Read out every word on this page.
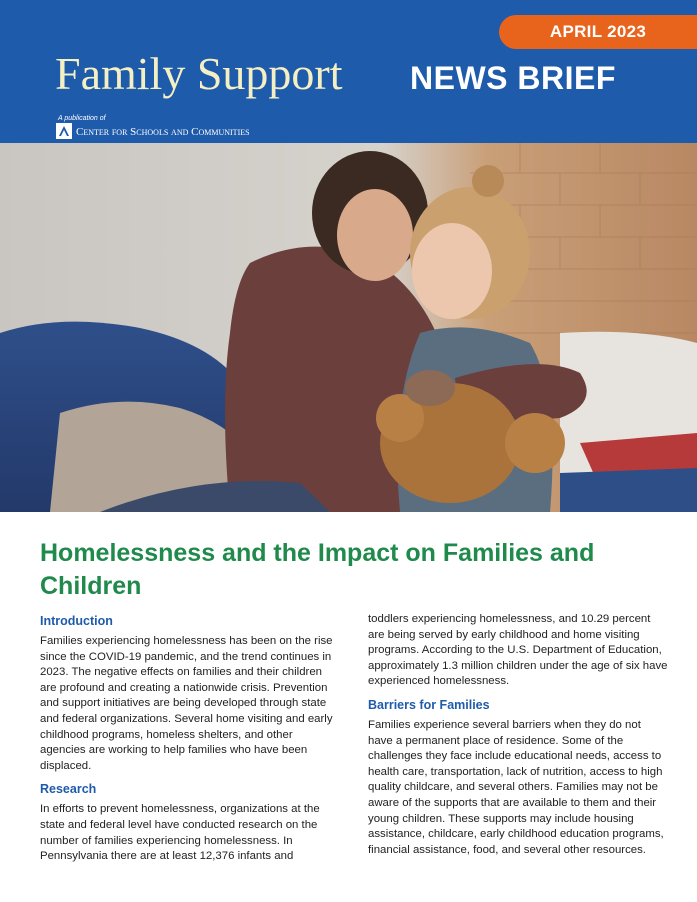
APRIL 2023
Family Support NEWS BRIEF
A publication of
Center for Schools and Communities
Homelessness and the Impact on Families and Children
Introduction

Families experiencing homelessness has been on the rise since the COVID-19 pandemic, and the trend continues in 2023. The negative effects on families and their children are profound and creating a nationwide crisis. Prevention and support initiatives are being developed through state and federal organizations. Several home visiting and early childhood programs, homeless shelters, and other agencies are working to help families who have been displaced.

Research

In efforts to prevent homelessness, organizations at the state and federal level have conducted research on the number of families experiencing homelessness. In Pennsylvania there are at least 12,376 infants and

toddlers experiencing homelessness, and 10.29 percent are being served by early childhood and home visiting programs. According to the U.S. Department of Education, approximately 1.3 million children under the age of six have experienced homelessness.

Barriers for Families

Families experience several barriers when they do not have a permanent place of residence. Some of the challenges they face include educational needs, access to health care, transportation, lack of nutrition, access to high quality childcare, and several others. Families may not be aware of the supports that are available to them and their young children. These supports may include housing assistance, childcare, early childhood education programs, financial assistance, food, and several other resources.
